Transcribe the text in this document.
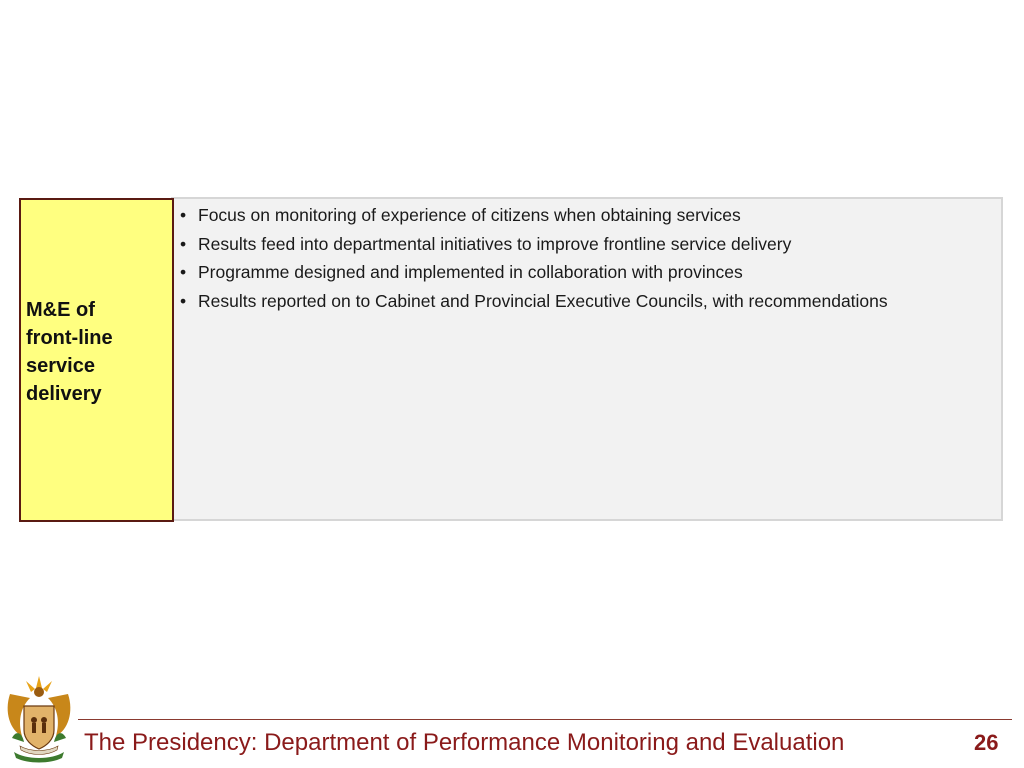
M&E of
front-line
service
delivery
• Focus on monitoring of experience of citizens when obtaining services
• Results feed into departmental initiatives to improve frontline service delivery
• Programme designed and implemented in collaboration with provinces
• Results reported on to Cabinet and Provincial Executive Councils, with recommendations
The Presidency: Department of Performance Monitoring and Evaluation	26
